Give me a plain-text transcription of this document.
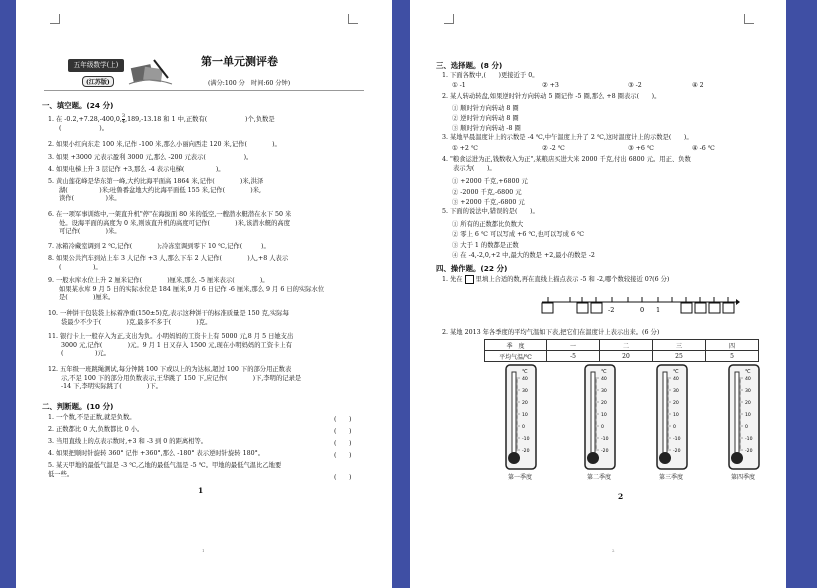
五年级数学(上)
(江苏版)
第一单元测评卷
(满分:100 分　时间:60 分钟)
一、填空题。(24 分)
1. 在 -0.2,+7.28,-400,0, $\frac{3}{4} ,189,-13.18$ 和 1 中,正数有(　　　　　　)个,负数是
(　　　　　　)。
2. 如果小红向东走 100 米,记作 -100 米,那么小丽向西走 120 米,记作(　　　　)。
3. 如果 +3000 元表示盈利 3000 元,那么 -200 元表示(　　　　　　)。
4. 如果电梯上升 3 层记作 +3,那么 -4 表示电梯(　　　　　)。
5. 黄山莲花峰是华东第一峰,大约比海平面高 1864 米,记作(　　　　)米,洪泽
湖(　　　　　)米;吐鲁番盆地大约比海平面低 155 米,记作(　　　　)米,
读作(　　　　　)米。
6. 在一项军事训练中,一架直升机"停"在海拔面 80 米的低空,一艘潜水艇潜在水下 50 米
处。设海平面的高度为 0 米,则该直升机的高度可记作(　　　　)米,该潜水艇的高度
可记作(　　　　)米。
7. 冰箱冷藏室调到 2 ℃,记作(　　　　);冷冻室调到零下 10 ℃,记作(　　　)。
8. 如果公共汽车到站上车 3 人记作 +3 人,那么下车 2 人记作(　　　　)人,+8 人表示
(　　　　　)。
9. 一般水库水位上升 2 厘米记作(　　　　)厘米,那么 -5 厘米表示(　　　　)。
如果某水库 9 月 5 日的实际水位是 184 厘米,9 月 6 日记作 -6 厘米,那么 9 月 6 日的实际水位
是(　　　　)厘米。
10. 一种饼干包装袋上标着净重(150±5)克,表示这种饼干的标准质量是 150 克,实际每
袋最少不少于(　　　　)克,最多不多于(　　　　)克。
11. 银行卡上一般存入为正,支出为负。小明妈妈的工资卡上有 5000 元,8 月 5 日她支出
3000 元,记作(　　　　)元。9 月 1 日又存入 1500 元,现在小明妈妈的工资卡上有
(　　　　　)元。
12. 五年级一班跳绳测试,每分钟跳 100 下或以上的为达标,超过 100 下的部分用正数表
示,不足 100 下的部分用负数表示,王华跳了 150 下,应记作(　　　　)下,李明的记录是
-14 下,李明实际跳了(　　　　)下。
二、判断题。(10 分)
1. 一个数,不是正数,就是负数。	(　　)
2. 正数都比 0 大,负数都比 0 小。	(　　)
3. 当用直线上的点表示数时,+3 和 -3 到 0 的距离相等。	(　　)
4. 如果把顺时针旋转 360° 记作 +360°,那么 -180° 表示逆时针旋转 180°。	(　　)
5. 某天甲地的最低气温是 -3 ℃,乙地的最低气温是 -5 ℃。甲地的最低气温比乙地要
低一些。	(　　)
1
1
三、选择题。(8 分)
1. 下面各数中,(　　)更接近于 0。
① -1	② +3	③ -2	④ 2
2. 某人转动转盘,如果逆时针方向转动 5 圈记作 -5 圈,那么 +8 圈表示(　　)。
① 顺时针方向转动 8 圈
② 逆时针方向转动 8 圈
③ 顺时针方向转动 -8 圈
3. 某地早晨温度计上的示数是 -4 ℃,中午温度上升了 2 ℃,这时温度计上的示数是(　　)。
① +2 ℃	② -2 ℃	③ +6 ℃	④ -6 ℃
4. "粮食运进为正,钱数收入为正",某粮店买进大米 2000 千克,付出 6800 元。用正、负数
表示为(　　)。
① +2000 千克,+6800 元
② -2000 千克,-6800 元
③ +2000 千克,-6800 元
5. 下面的说法中,错误的是(　　)。
① 所有的正数都比负数大
② 零上 6 ℃ 可以写成 +6 ℃,也可以写成 6 ℃
③ 大于 1 的数都是正数
④ 在 -4,-2,0,+2 中,最大的数是 +2,最小的数是 -2
四、操作题。(22 分)
1. 先在 里填上合适的数,再在直线上描点表示 -5 和 -2,哪个数较接近 0?(6 分)
-2	0 1
2. 某地 2013 年各季度的平均气温如下表,把它们在温度计上表示出来。(6 分)
季　度	一	二	三	四
平均气温/℃	-5	20	25	5
℃
40
30
20
10
0
-10
-20
℃
40
30
20
10
0
-10
-20
℃
40
30
20
10
0
-10
-20
℃
40
30
20
10
0
-10
-20
第一季度	第二季度	第三季度	第四季度
2
2
